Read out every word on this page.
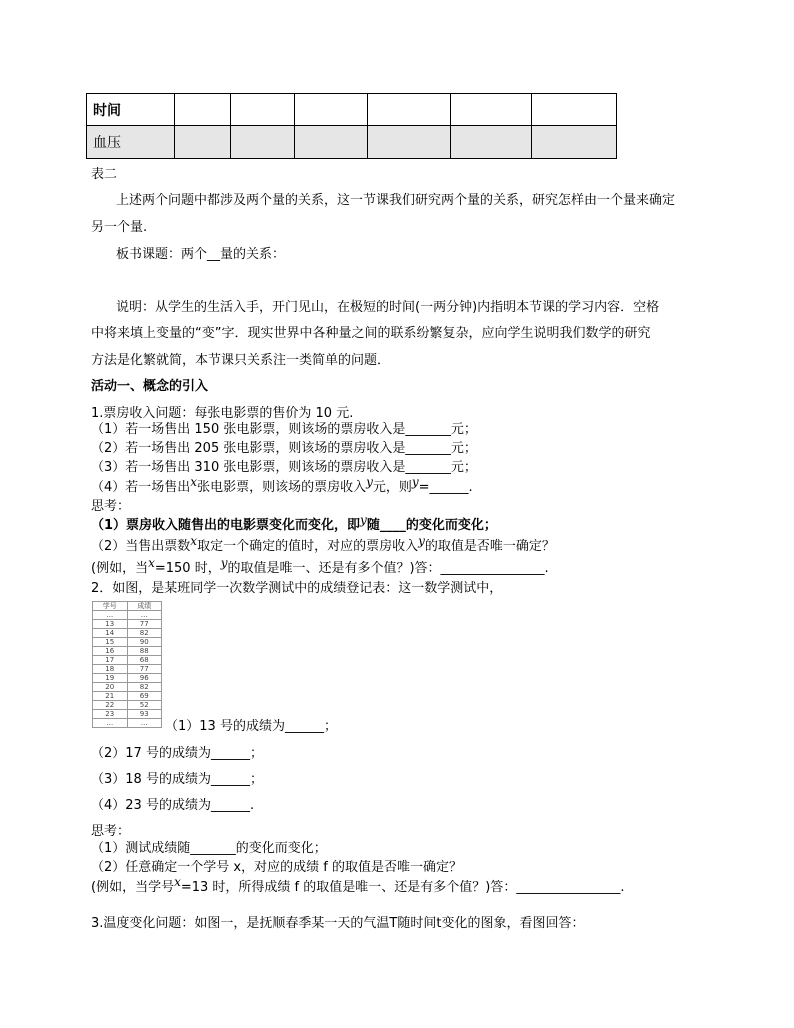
时间						
血压						
表二
上述两个问题中都涉及两个量的关系，这一节课我们研究两个量的关系，研究怎样由一个量来确定
另一个量.
板书课题：两个__量的关系：
说明：从学生的生活入手，开门见山，在极短的时间(一两分钟)内指明本节课的学习内容．空格
中将来填上变量的“变”字．现实世界中各种量之间的联系纷繁复杂，应向学生说明我们数学的研究
方法是化繁就简，本节课只关系注一类简单的问题．
活动一、概念的引入
1.票房收入问题：每张电影票的售价为 10 元.
（1）若一场售出 150 张电影票，则该场的票房收入是_______元；
（2）若一场售出 205 张电影票，则该场的票房收入是_______元；
（3）若一场售出 310 张电影票，则该场的票房收入是_______元；
（4）若一场售出x张电影票，则该场的票房收入y元，则y=______.
思考：
（1）票房收入随售出的电影票变化而变化，即y随____的变化而变化；
（2）当售出票数x取定一个确定的值时，对应的票房收入y的取值是否唯一确定？
(例如，当x=150 时，y的取值是唯一、还是有多个值？)答：________________.
2．如图，是某班同学一次数学测试中的成绩登记表：这一数学测试中，
学号	成绩
…	…
13	77
14	82
15	90
16	88
17	68
18	77
19	96
20	82
21	69
22	52
23	93
…	… （1）13 号的成绩为______；
（2）17 号的成绩为______；
（3）18 号的成绩为______；
（4）23 号的成绩为______.
思考：
（1）测试成绩随_______的变化而变化；
（2）任意确定一个学号 x，对应的成绩 f 的取值是否唯一确定？
(例如，当学号x=13 时，所得成绩 f 的取值是唯一、还是有多个值？)答：________________.
3.温度变化问题：如图一，是抚顺春季某一天的气温T随时间t变化的图象，看图回答：
